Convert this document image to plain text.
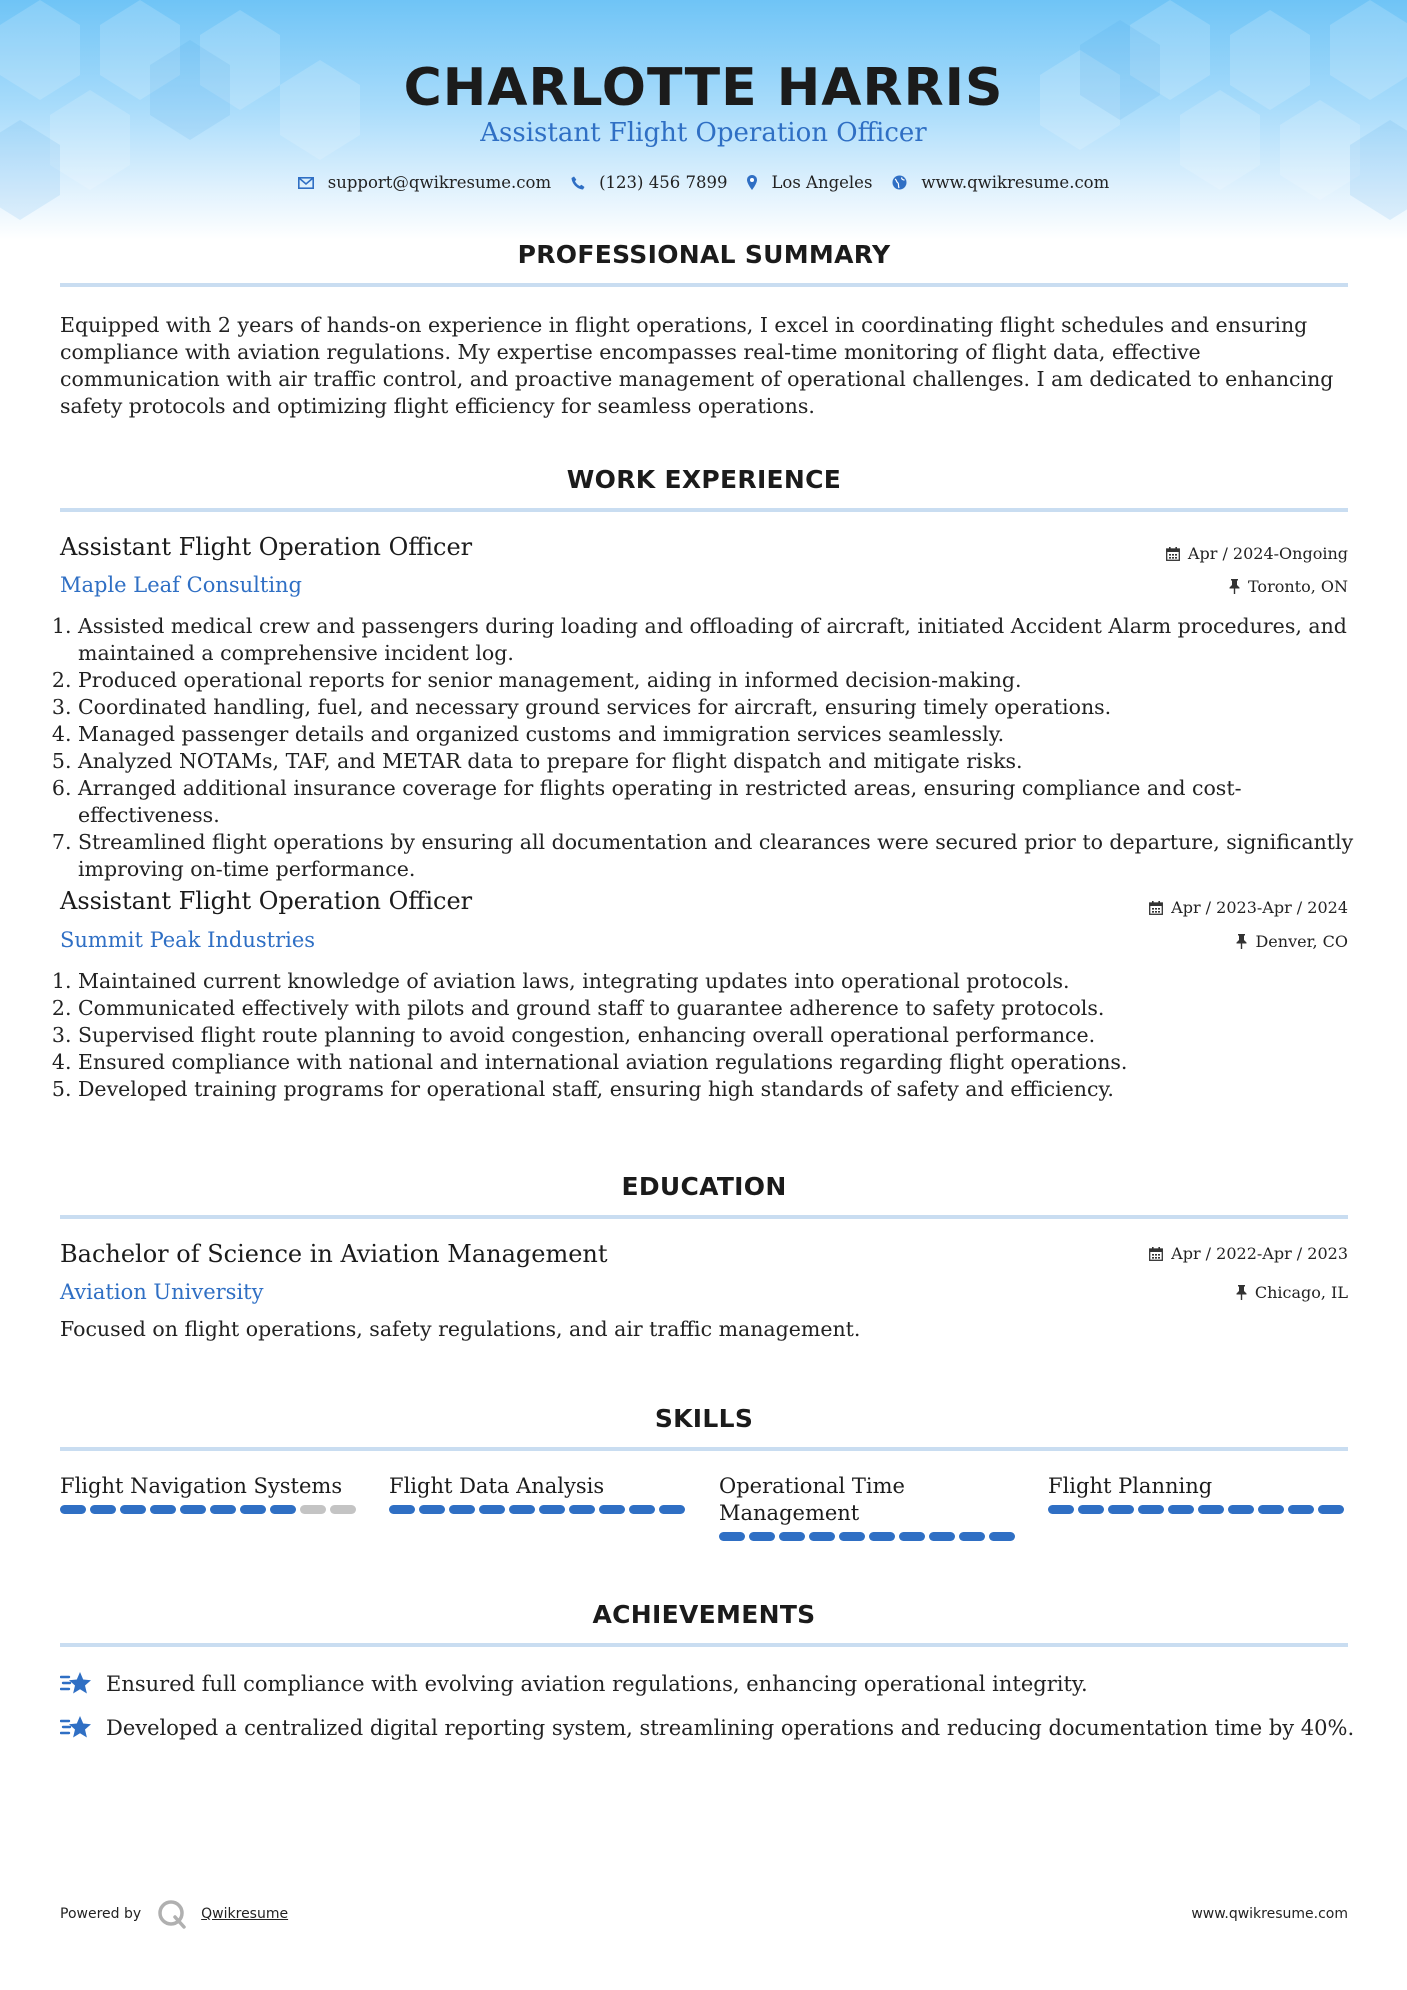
CHARLOTTE HARRIS
Assistant Flight Operation Officer
support@qwikresume.com	(123) 456 7899	Los Angeles	www.qwikresume.com
PROFESSIONAL SUMMARY
Equipped with 2 years of hands-on experience in flight operations, I excel in coordinating flight schedules and ensuring compliance with aviation regulations. My expertise encompasses real-time monitoring of flight data, effective communication with air traffic control, and proactive management of operational challenges. I am dedicated to enhancing safety protocols and optimizing flight efficiency for seamless operations.
WORK EXPERIENCE
Assistant Flight Operation Officer	Apr / 2024-Ongoing
Maple Leaf Consulting	Toronto, ON
1. Assisted medical crew and passengers during loading and offloading of aircraft, initiated Accident Alarm procedures, and maintained a comprehensive incident log.
2. Produced operational reports for senior management, aiding in informed decision-making.
3. Coordinated handling, fuel, and necessary ground services for aircraft, ensuring timely operations.
4. Managed passenger details and organized customs and immigration services seamlessly.
5. Analyzed NOTAMs, TAF, and METAR data to prepare for flight dispatch and mitigate risks.
6. Arranged additional insurance coverage for flights operating in restricted areas, ensuring compliance and cost-effectiveness.
7. Streamlined flight operations by ensuring all documentation and clearances were secured prior to departure, significantly improving on-time performance.
Assistant Flight Operation Officer	Apr / 2023-Apr / 2024
Summit Peak Industries	Denver, CO
1. Maintained current knowledge of aviation laws, integrating updates into operational protocols.
2. Communicated effectively with pilots and ground staff to guarantee adherence to safety protocols.
3. Supervised flight route planning to avoid congestion, enhancing overall operational performance.
4. Ensured compliance with national and international aviation regulations regarding flight operations.
5. Developed training programs for operational staff, ensuring high standards of safety and efficiency.
EDUCATION
Bachelor of Science in Aviation Management	Apr / 2022-Apr / 2023
Aviation University	Chicago, IL
Focused on flight operations, safety regulations, and air traffic management.
SKILLS
Flight Navigation Systems	Flight Data Analysis	Operational Time Management
Flight Planning
ACHIEVEMENTS
Ensured full compliance with evolving aviation regulations, enhancing operational integrity.
Developed a centralized digital reporting system, streamlining operations and reducing documentation time by 40%.
Powered by	Qwikresume	www.qwikresume.com
